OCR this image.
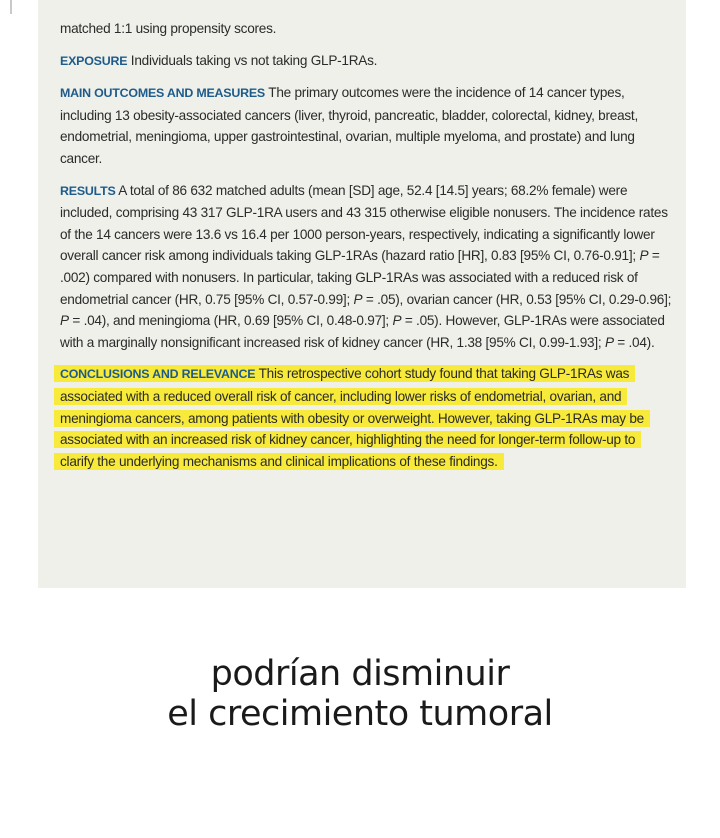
matched 1:1 using propensity scores.

EXPOSURE Individuals taking vs not taking GLP-1RAs.

MAIN OUTCOMES AND MEASURES The primary outcomes were the incidence of 14 cancer types, including 13 obesity-associated cancers (liver, thyroid, pancreatic, bladder, colorectal, kidney, breast, endometrial, meningioma, upper gastrointestinal, ovarian, multiple myeloma, and prostate) and lung cancer.

RESULTS A total of 86 632 matched adults (mean [SD] age, 52.4 [14.5] years; 68.2% female) were included, comprising 43 317 GLP-1RA users and 43 315 otherwise eligible nonusers. The incidence rates of the 14 cancers were 13.6 vs 16.4 per 1000 person-years, respectively, indicating a significantly lower overall cancer risk among individuals taking GLP-1RAs (hazard ratio [HR], 0.83 [95% CI, 0.76-0.91]; P = .002) compared with nonusers. In particular, taking GLP-1RAs was associated with a reduced risk of endometrial cancer (HR, 0.75 [95% CI, 0.57-0.99]; P = .05), ovarian cancer (HR, 0.53 [95% CI, 0.29-0.96]; P = .04), and meningioma (HR, 0.69 [95% CI, 0.48-0.97]; P = .05). However, GLP-1RAs were associated with a marginally nonsignificant increased risk of kidney cancer (HR, 1.38 [95% CI, 0.99-1.93]; P = .04).

CONCLUSIONS AND RELEVANCE This retrospective cohort study found that taking GLP-1RAs was associated with a reduced overall risk of cancer, including lower risks of endometrial, ovarian, and meningioma cancers, among patients with obesity or overweight. However, taking GLP-1RAs may be associated with an increased risk of kidney cancer, highlighting the need for longer-term follow-up to clarify the underlying mechanisms and clinical implications of these findings.

podrían disminuir
el crecimiento tumoral
